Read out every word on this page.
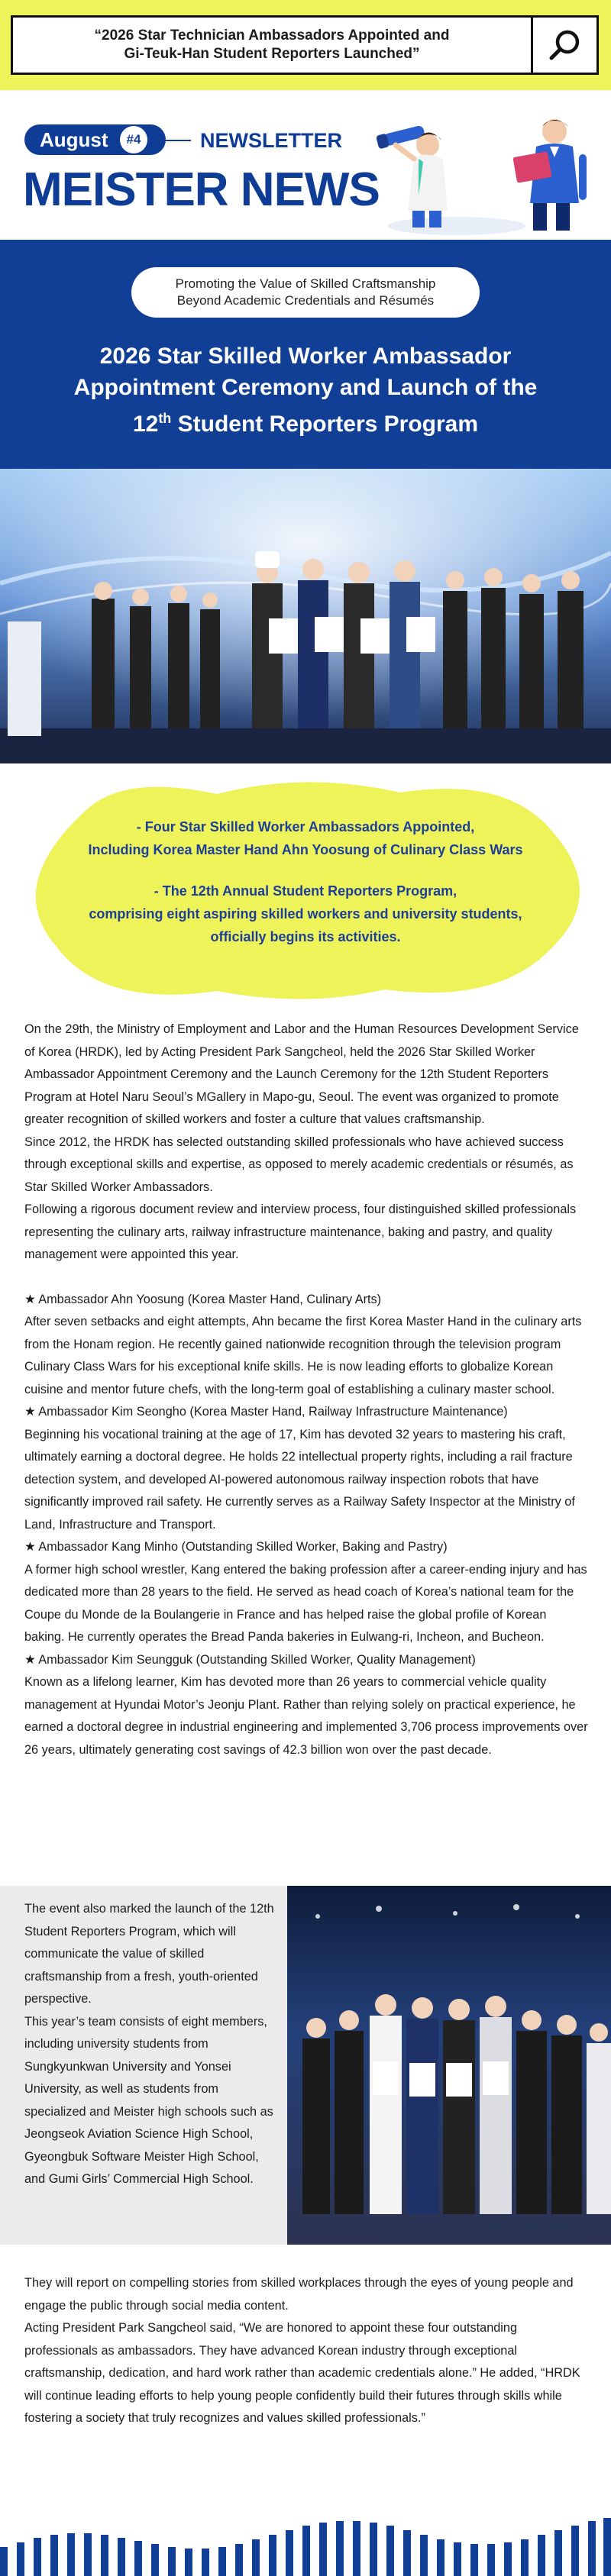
“2026 Star Technician Ambassadors Appointed and
Gi-Teuk-Han Student Reporters Launched”
August	#4	NEWSLETTER
MEISTER NEWS
Promoting the Value of Skilled Craftsmanship
Beyond Academic Credentials and Résumés
2026 Star Skilled Worker Ambassador
Appointment Ceremony and Launch of the
12th Student Reporters Program

- Four Star Skilled Worker Ambassadors Appointed,

Including Korea Master Hand Ahn Yoosung of Culinary Class Wars

- The 12th Annual Student Reporters Program,

comprising eight aspiring skilled workers and university students,

officially begins its activities.

On the 29th, the Ministry of Employment and Labor and the Human Resources Development Service of Korea (HRDK), led by Acting President Park Sangcheol, held the 2026 Star Skilled Worker Ambassador Appointment Ceremony and the Launch Ceremony for the 12th Student Reporters Program at Hotel Naru Seoul’s MGallery in Mapo-gu, Seoul. The event was organized to promote greater recognition of skilled workers and foster a culture that values craftsmanship.

Since 2012, the HRDK has selected outstanding skilled professionals who have achieved success through exceptional skills and expertise, as opposed to merely academic credentials or résumés, as Star Skilled Worker Ambassadors.

Following a rigorous document review and interview process, four distinguished skilled professionals representing the culinary arts, railway infrastructure maintenance, baking and pastry, and quality management were appointed this year.

★ Ambassador Ahn Yoosung (Korea Master Hand, Culinary Arts)

After seven setbacks and eight attempts, Ahn became the first Korea Master Hand in the culinary arts from the Honam region. He recently gained nationwide recognition through the television program Culinary Class Wars for his exceptional knife skills. He is now leading efforts to globalize Korean cuisine and mentor future chefs, with the long-term goal of establishing a culinary master school.

★ Ambassador Kim Seongho (Korea Master Hand, Railway Infrastructure Maintenance)

Beginning his vocational training at the age of 17, Kim has devoted 32 years to mastering his craft, ultimately earning a doctoral degree. He holds 22 intellectual property rights, including a rail fracture detection system, and developed AI-powered autonomous railway inspection robots that have significantly improved rail safety. He currently serves as a Railway Safety Inspector at the Ministry of Land, Infrastructure and Transport.

★ Ambassador Kang Minho (Outstanding Skilled Worker, Baking and Pastry)

A former high school wrestler, Kang entered the baking profession after a career-ending injury and has dedicated more than 28 years to the field. He served as head coach of Korea’s national team for the Coupe du Monde de la Boulangerie in France and has helped raise the global profile of Korean baking. He currently operates the Bread Panda bakeries in Eulwang-ri, Incheon, and Bucheon.

★ Ambassador Kim Seungguk (Outstanding Skilled Worker, Quality Management)

Known as a lifelong learner, Kim has devoted more than 26 years to commercial vehicle quality management at Hyundai Motor’s Jeonju Plant. Rather than relying solely on practical experience, he earned a doctoral degree in industrial engineering and implemented 3,706 process improvements over 26 years, ultimately generating cost savings of 42.3 billion won over the past decade.

The event also marked the launch of the 12th Student Reporters Program, which will communicate the value of skilled craftsmanship from a fresh, youth-oriented perspective.

This year’s team consists of eight members, including university students from Sungkyunkwan University and Yonsei University, as well as students from specialized and Meister high schools such as Jeongseok Aviation Science High School, Gyeongbuk Software Meister High School, and Gumi Girls’ Commercial High School.

They will report on compelling stories from skilled workplaces through the eyes of young people and engage the public through social media content.

Acting President Park Sangcheol said, “We are honored to appoint these four outstanding professionals as ambassadors. They have advanced Korean industry through exceptional craftsmanship, dedication, and hard work rather than academic credentials alone.” He added, “HRDK will continue leading efforts to help young people confidently build their futures through skills while fostering a society that truly recognizes and values skilled professionals.”
